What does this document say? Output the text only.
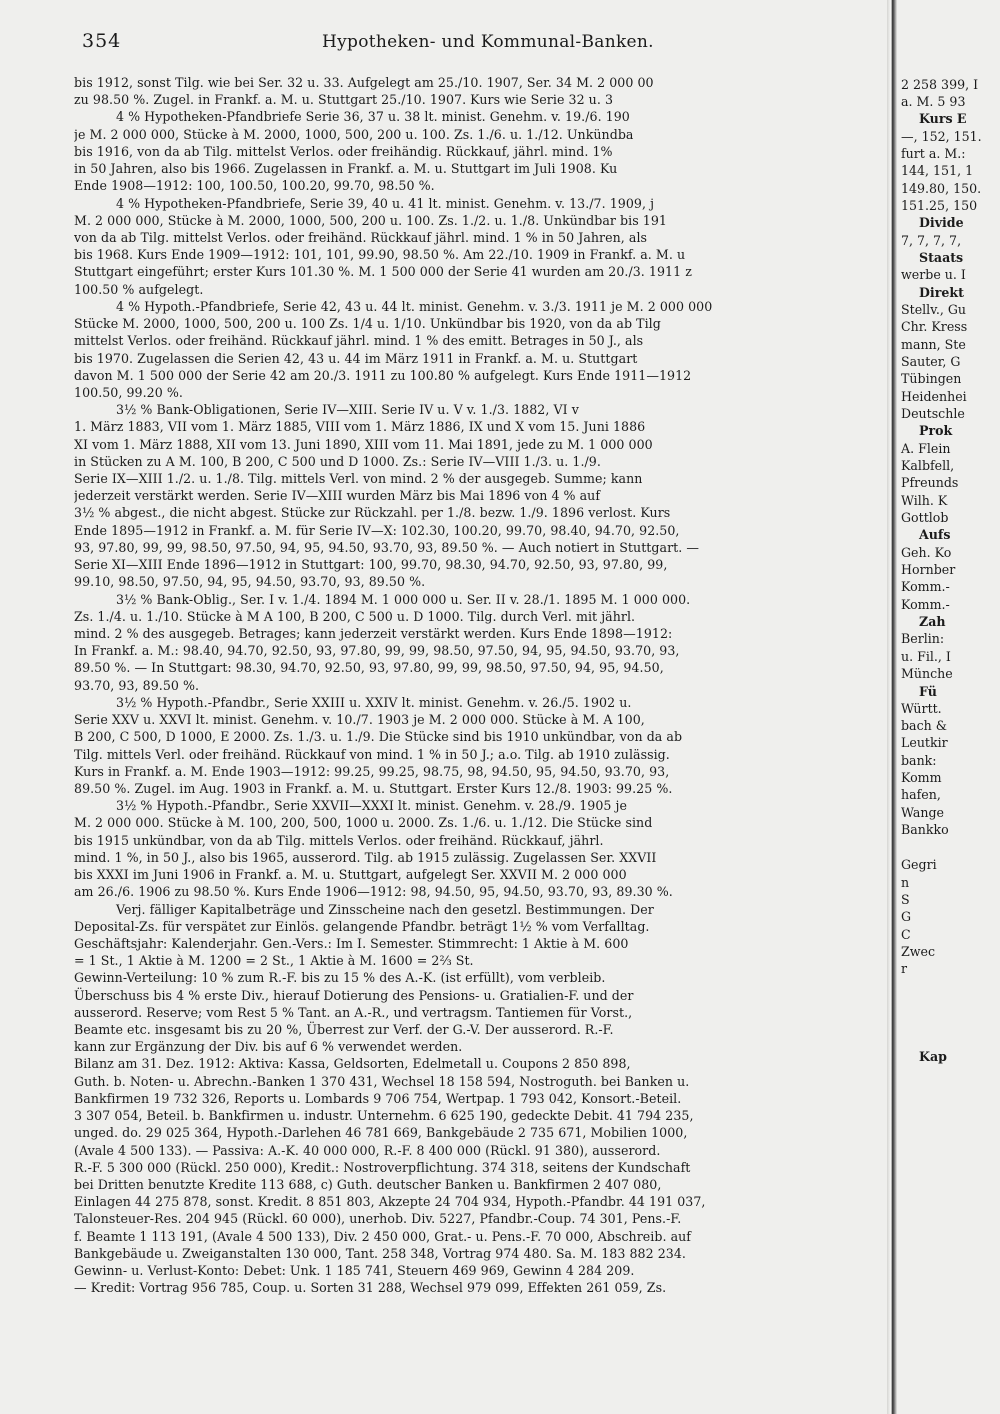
354	Hypotheken- und Kommunal-Banken.
bis 1912, sonst Tilg. wie bei Ser. 32 u. 33. Aufgelegt am 25./10. 1907, Ser. 34 M. 2 000 00
zu 98.50 %. Zugel. in Frankf. a. M. u. Stuttgart 25./10. 1907. Kurs wie Serie 32 u. 3
4 % Hypotheken-Pfandbriefe Serie 36, 37 u. 38 lt. minist. Genehm. v. 19./6. 190
je M. 2 000 000, Stücke à M. 2000, 1000, 500, 200 u. 100. Zs. 1./6. u. 1./12. Unkündba
bis 1916, von da ab Tilg. mittelst Verlos. oder freihändig. Rückkauf, jährl. mind. 1%
in 50 Jahren, also bis 1966. Zugelassen in Frankf. a. M. u. Stuttgart im Juli 1908. Ku
Ende 1908—1912: 100, 100.50, 100.20, 99.70, 98.50 %.
4 % Hypotheken-Pfandbriefe, Serie 39, 40 u. 41 lt. minist. Genehm. v. 13./7. 1909, j
M. 2 000 000, Stücke à M. 2000, 1000, 500, 200 u. 100. Zs. 1./2. u. 1./8. Unkündbar bis 191
von da ab Tilg. mittelst Verlos. oder freihänd. Rückkauf jährl. mind. 1 % in 50 Jahren, als
bis 1968. Kurs Ende 1909—1912: 101, 101, 99.90, 98.50 %. Am 22./10. 1909 in Frankf. a. M. u
Stuttgart eingeführt; erster Kurs 101.30 %. M. 1 500 000 der Serie 41 wurden am 20./3. 1911 z
100.50 % aufgelegt.
4 % Hypoth.-Pfandbriefe, Serie 42, 43 u. 44 lt. minist. Genehm. v. 3./3. 1911 je M. 2 000 000
Stücke M. 2000, 1000, 500, 200 u. 100 Zs. 1/4 u. 1/10. Unkündbar bis 1920, von da ab Tilg
mittelst Verlos. oder freihänd. Rückkauf jährl. mind. 1 % des emitt. Betrages in 50 J., als
bis 1970. Zugelassen die Serien 42, 43 u. 44 im März 1911 in Frankf. a. M. u. Stuttgart
davon M. 1 500 000 der Serie 42 am 20./3. 1911 zu 100.80 % aufgelegt. Kurs Ende 1911—1912
100.50, 99.20 %.
3½ % Bank-Obligationen, Serie IV—XIII. Serie IV u. V v. 1./3. 1882, VI v
1. März 1883, VII vom 1. März 1885, VIII vom 1. März 1886, IX und X vom 15. Juni 1886
XI vom 1. März 1888, XII vom 13. Juni 1890, XIII vom 11. Mai 1891, jede zu M. 1 000 000
in Stücken zu A M. 100, B 200, C 500 und D 1000. Zs.: Serie IV—VIII 1./3. u. 1./9.
Serie IX—XIII 1./2. u. 1./8. Tilg. mittels Verl. von mind. 2 % der ausgegeb. Summe; kann
jederzeit verstärkt werden. Serie IV—XIII wurden März bis Mai 1896 von 4 % auf
3½ % abgest., die nicht abgest. Stücke zur Rückzahl. per 1./8. bezw. 1./9. 1896 verlost. Kurs
Ende 1895—1912 in Frankf. a. M. für Serie IV—X: 102.30, 100.20, 99.70, 98.40, 94.70, 92.50,
93, 97.80, 99, 99, 98.50, 97.50, 94, 95, 94.50, 93.70, 93, 89.50 %. — Auch notiert in Stuttgart. —
Serie XI—XIII Ende 1896—1912 in Stuttgart: 100, 99.70, 98.30, 94.70, 92.50, 93, 97.80, 99,
99.10, 98.50, 97.50, 94, 95, 94.50, 93.70, 93, 89.50 %.
3½ % Bank-Oblig., Ser. I v. 1./4. 1894 M. 1 000 000 u. Ser. II v. 28./1. 1895 M. 1 000 000.
Zs. 1./4. u. 1./10. Stücke à M A 100, B 200, C 500 u. D 1000. Tilg. durch Verl. mit jährl.
mind. 2 % des ausgegeb. Betrages; kann jederzeit verstärkt werden. Kurs Ende 1898—1912:
In Frankf. a. M.: 98.40, 94.70, 92.50, 93, 97.80, 99, 99, 98.50, 97.50, 94, 95, 94.50, 93.70, 93,
89.50 %. — In Stuttgart: 98.30, 94.70, 92.50, 93, 97.80, 99, 99, 98.50, 97.50, 94, 95, 94.50,
93.70, 93, 89.50 %.
3½ % Hypoth.-Pfandbr., Serie XXIII u. XXIV lt. minist. Genehm. v. 26./5. 1902 u.
Serie XXV u. XXVI lt. minist. Genehm. v. 10./7. 1903 je M. 2 000 000. Stücke à M. A 100,
B 200, C 500, D 1000, E 2000. Zs. 1./3. u. 1./9. Die Stücke sind bis 1910 unkündbar, von da ab
Tilg. mittels Verl. oder freihänd. Rückkauf von mind. 1 % in 50 J.; a.o. Tilg. ab 1910 zulässig.
Kurs in Frankf. a. M. Ende 1903—1912: 99.25, 99.25, 98.75, 98, 94.50, 95, 94.50, 93.70, 93,
89.50 %. Zugel. im Aug. 1903 in Frankf. a. M. u. Stuttgart. Erster Kurs 12./8. 1903: 99.25 %.
3½ % Hypoth.-Pfandbr., Serie XXVII—XXXI lt. minist. Genehm. v. 28./9. 1905 je
M. 2 000 000. Stücke à M. 100, 200, 500, 1000 u. 2000. Zs. 1./6. u. 1./12. Die Stücke sind
bis 1915 unkündbar, von da ab Tilg. mittels Verlos. oder freihänd. Rückkauf, jährl.
mind. 1 %, in 50 J., also bis 1965, ausserord. Tilg. ab 1915 zulässig. Zugelassen Ser. XXVII
bis XXXI im Juni 1906 in Frankf. a. M. u. Stuttgart, aufgelegt Ser. XXVII M. 2 000 000
am 26./6. 1906 zu 98.50 %. Kurs Ende 1906—1912: 98, 94.50, 95, 94.50, 93.70, 93, 89.30 %.
Verj. fälliger Kapitalbeträge und Zinsscheine nach den gesetzl. Bestimmungen. Der
Deposital-Zs. für verspätet zur Einlös. gelangende Pfandbr. beträgt 1½ % vom Verfalltag.
Geschäftsjahr: Kalenderjahr. Gen.-Vers.: Im I. Semester. Stimmrecht: 1 Aktie à M. 600
= 1 St., 1 Aktie à M. 1200 = 2 St., 1 Aktie à M. 1600 = 2⅔ St.
Gewinn-Verteilung: 10 % zum R.-F. bis zu 15 % des A.-K. (ist erfüllt), vom verbleib.
Überschuss bis 4 % erste Div., hierauf Dotierung des Pensions- u. Gratialien-F. und der
ausserord. Reserve; vom Rest 5 % Tant. an A.-R., und vertragsm. Tantiemen für Vorst.,
Beamte etc. insgesamt bis zu 20 %, Überrest zur Verf. der G.-V. Der ausserord. R.-F.
kann zur Ergänzung der Div. bis auf 6 % verwendet werden.
Bilanz am 31. Dez. 1912: Aktiva: Kassa, Geldsorten, Edelmetall u. Coupons 2 850 898,
Guth. b. Noten- u. Abrechn.-Banken 1 370 431, Wechsel 18 158 594, Nostroguth. bei Banken u.
Bankfirmen 19 732 326, Reports u. Lombards 9 706 754, Wertpap. 1 793 042, Konsort.-Beteil.
3 307 054, Beteil. b. Bankfirmen u. industr. Unternehm. 6 625 190, gedeckte Debit. 41 794 235,
unged. do. 29 025 364, Hypoth.-Darlehen 46 781 669, Bankgebäude 2 735 671, Mobilien 1000,
(Avale 4 500 133). — Passiva: A.-K. 40 000 000, R.-F. 8 400 000 (Rückl. 91 380), ausserord.
R.-F. 5 300 000 (Rückl. 250 000), Kredit.: Nostroverpflichtung. 374 318, seitens der Kundschaft
bei Dritten benutzte Kredite 113 688, c) Guth. deutscher Banken u. Bankfirmen 2 407 080,
Einlagen 44 275 878, sonst. Kredit. 8 851 803, Akzepte 24 704 934, Hypoth.-Pfandbr. 44 191 037,
Talonsteuer-Res. 204 945 (Rückl. 60 000), unerhob. Div. 5227, Pfandbr.-Coup. 74 301, Pens.-F.
f. Beamte 1 113 191, (Avale 4 500 133), Div. 2 450 000, Grat.- u. Pens.-F. 70 000, Abschreib. auf
Bankgebäude u. Zweiganstalten 130 000, Tant. 258 348, Vortrag 974 480. Sa. M. 183 882 234.
Gewinn- u. Verlust-Konto: Debet: Unk. 1 185 741, Steuern 469 969, Gewinn 4 284 209.
— Kredit: Vortrag 956 785, Coup. u. Sorten 31 288, Wechsel 979 099, Effekten 261 059, Zs.
2 258 399, I
a. M. 5 93
Kurs E
—, 152, 151.
furt a. M.:
144, 151, 1
149.80, 150.
151.25, 150
Divide
7, 7, 7, 7,
Staats
werbe u. I
Direkt
Stellv., Gu
Chr. Kress
mann, Ste
Sauter, G
Tübingen
Heidenhei
Deutschle
Prok
A. Flein
Kalbfell,
Pfreunds
Wilh. K
Gottlob
Aufs
Geh. Ko
Hornber
Komm.-
Komm.-
Zah
Berlin:
u. Fil., I
Münche
Fü
Württ.
bach &
Leutkir
bank:
Komm
hafen,
Wange
Bankko
Gegri
n
S
G
C
Zwec
r
Kap
